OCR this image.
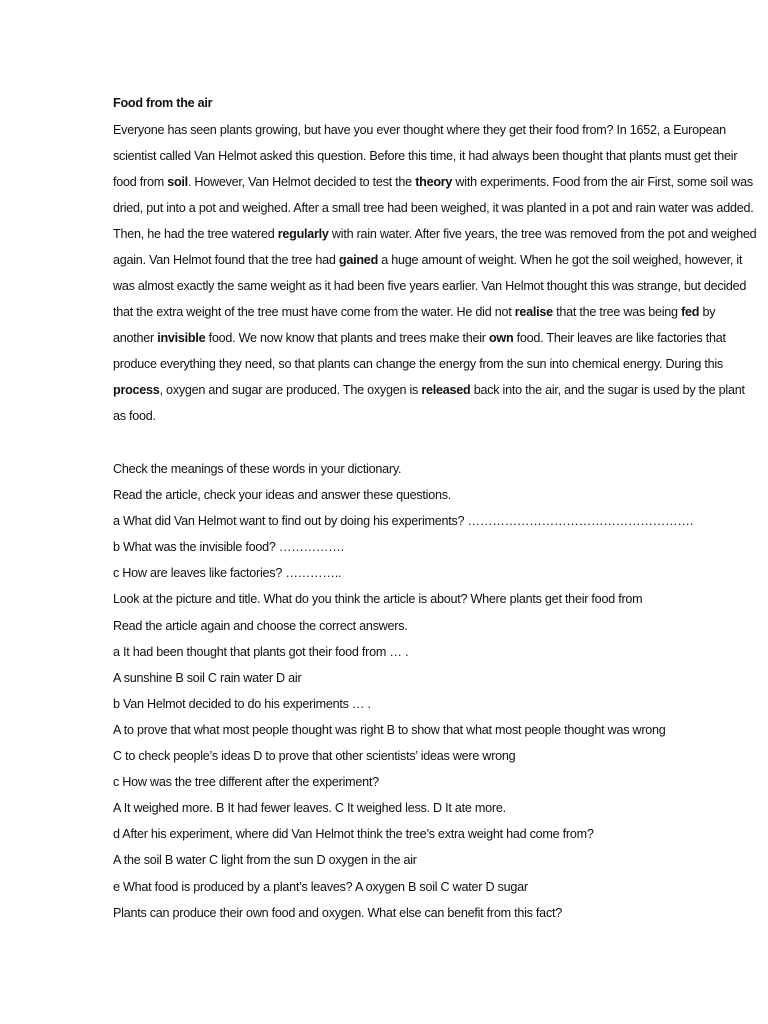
Food from the air

Everyone has seen plants growing, but have you ever thought where they get their food from? In 1652, a European scientist called Van Helmot asked this question. Before this time, it had always been thought that plants must get their food from soil. However, Van Helmot decided to test the theory with experiments. Food from the air First, some soil was dried, put into a pot and weighed. After a small tree had been weighed, it was planted in a pot and rain water was added. Then, he had the tree watered regularly with rain water. After five years, the tree was removed from the pot and weighed again. Van Helmot found that the tree had gained a huge amount of weight. When he got the soil weighed, however, it was almost exactly the same weight as it had been five years earlier. Van Helmot thought this was strange, but decided that the extra weight of the tree must have come from the water. He did not realise that the tree was being fed by another invisible food. We now know that plants and trees make their own food. Their leaves are like factories that produce everything they need, so that plants can change the energy from the sun into chemical energy. During this process, oxygen and sugar are produced. The oxygen is released back into the air, and the sugar is used by the plant as food.

Check the meanings of these words in your dictionary.

Read the article, check your ideas and answer these questions.

a What did Van Helmot want to find out by doing his experiments? ……………………………………………….

b What was the invisible food? …………….

c How are leaves like factories? …………..

Look at the picture and title. What do you think the article is about? Where plants get their food from

Read the article again and choose the correct answers.

a It had been thought that plants got their food from … .

A sunshine B soil C rain water D air

b Van Helmot decided to do his experiments … .

A to prove that what most people thought was right B to show that what most people thought was wrong

C to check people’s ideas D to prove that other scientists’ ideas were wrong

c How was the tree different after the experiment?

A It weighed more. B It had fewer leaves. C It weighed less. D It ate more.

d After his experiment, where did Van Helmot think the tree’s extra weight had come from?

A the soil B water C light from the sun D oxygen in the air

e What food is produced by a plant’s leaves? A oxygen B soil C water D sugar

Plants can produce their own food and oxygen. What else can benefit from this fact?
